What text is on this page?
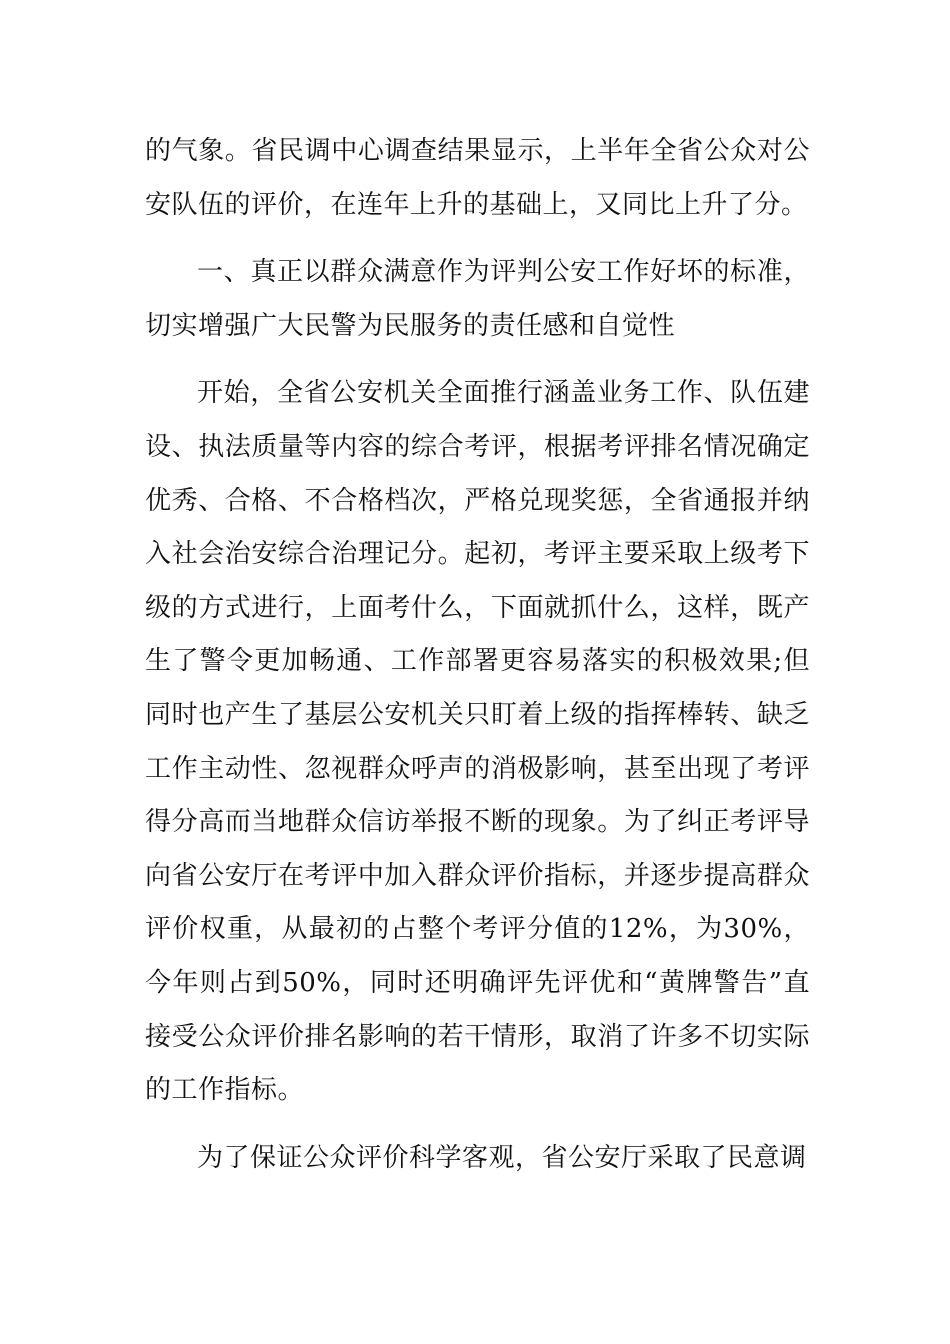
的气象。省民调中心调查结果显示，上半年全省公众对公安队伍的评价，在连年上升的基础上，又同比上升了分。

一、真正以群众满意作为评判公安工作好坏的标准，切实增强广大民警为民服务的责任感和自觉性

开始，全省公安机关全面推行涵盖业务工作、队伍建设、执法质量等内容的综合考评，根据考评排名情况确定优秀、合格、不合格档次，严格兑现奖惩，全省通报并纳入社会治安综合治理记分。起初，考评主要采取上级考下级的方式进行，上面考什么，下面就抓什么，这样，既产生了警令更加畅通、工作部署更容易落实的积极效果;但同时也产生了基层公安机关只盯着上级的指挥棒转、缺乏工作主动性、忽视群众呼声的消极影响，甚至出现了考评得分高而当地群众信访举报不断的现象。为了纠正考评导向省公安厅在考评中加入群众评价指标，并逐步提高群众评价权重，从最初的占整个考评分值的12%，为30%，今年则占到50%，同时还明确评先评优和“黄牌警告”直接受公众评价排名影响的若干情形，取消了许多不切实际的工作指标。

为了保证公众评价科学客观，省公安厅采取了民意调
